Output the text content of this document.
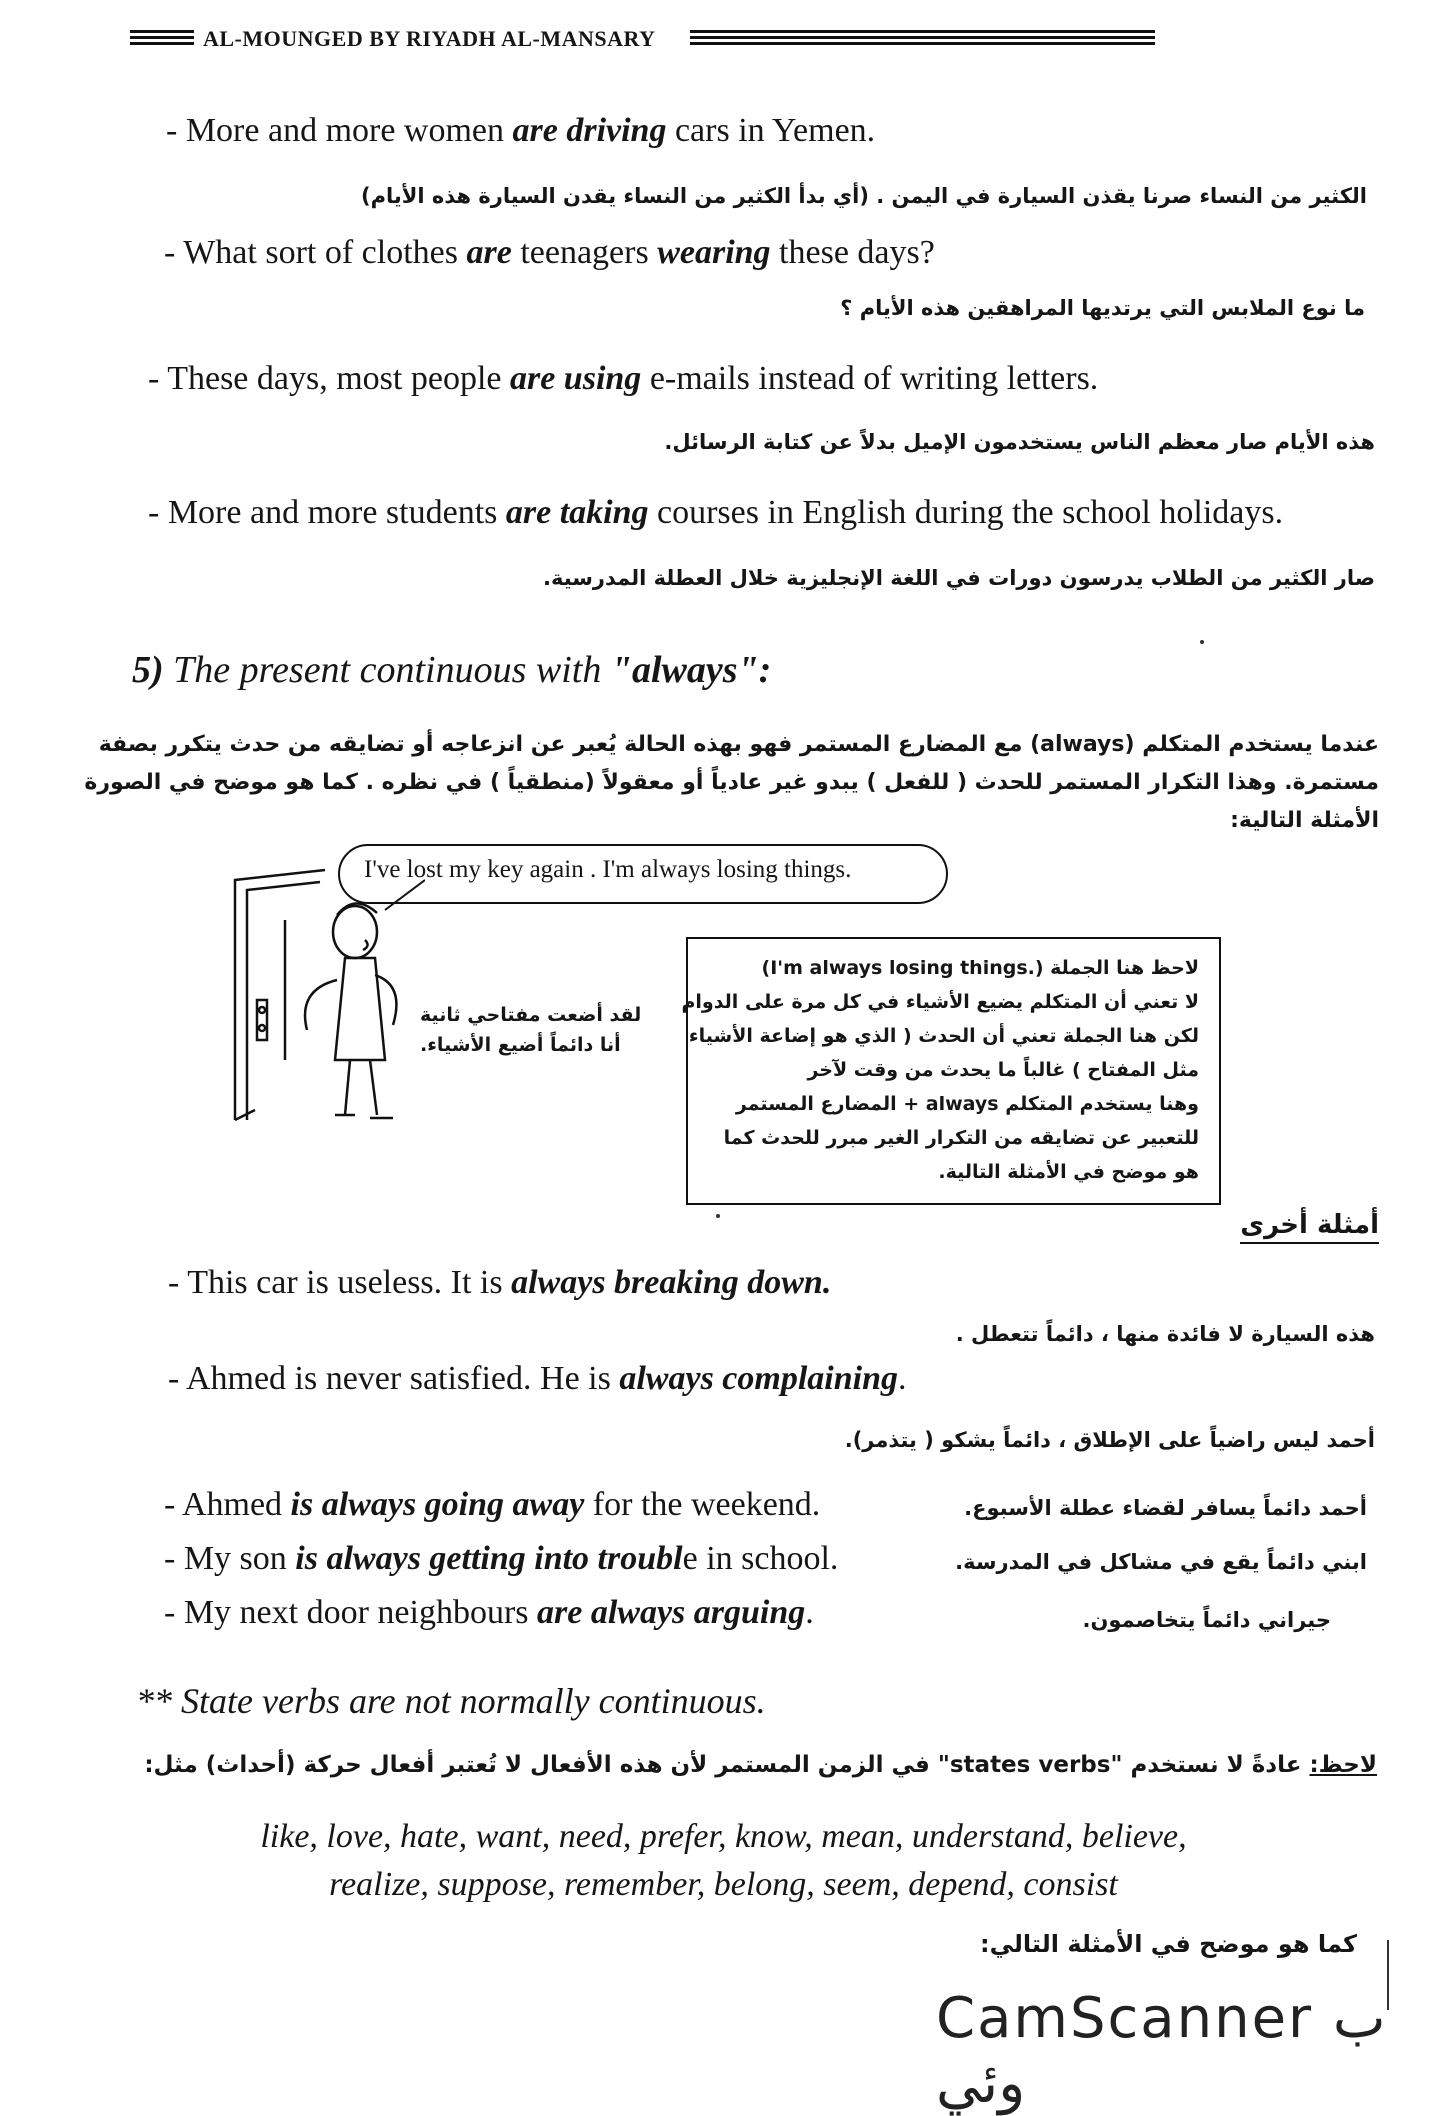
AL-MOUNGED BY RIYADH AL-MANSARY
- More and more women are driving cars in Yemen.
الكثير من النساء صرنا يقذن السيارة في اليمن . (أي بدأ الكثير من النساء يقدن السيارة هذه الأيام)
- What sort of clothes are teenagers wearing these days?
ما نوع الملابس التي يرتديها المراهقين هذه الأيام ؟
- These days, most people are using e-mails instead of writing letters.
هذه الأيام صار معظم الناس يستخدمون الإميل بدلاً عن كتابة الرسائل.
- More and more students are taking courses in English during the school holidays.
صار الكثير من الطلاب يدرسون دورات في اللغة الإنجليزية خلال العطلة المدرسية.
5) The present continuous with "always":
عندما يستخدم المتكلم (always) مع المضارع المستمر فهو بهذه الحالة يُعبر عن انزعاجه أو تضايقه من حدث يتكرر بصفة
مستمرة. وهذا التكرار المستمر للحدث ( للفعل ) يبدو غير عادياً أو معقولاً (منطقياً ) في نظره . كما هو موضح في الصورة
الأمثلة التالية:
I've lost my key again . I'm always losing things.
لقد أضعت مفتاحي ثانية
أنا دائماً أضيع الأشياء.
لاحظ هنا الجملة (.I'm always losing things)
لا تعني أن المتكلم يضيع الأشياء في كل مرة على الدوام
لكن هنا الجملة تعني أن الحدث ( الذي هو إضاعة الأشياء
مثل المفتاح ) غالباً ما يحدث من وقت لآخر
وهنا يستخدم المتكلم always + المضارع المستمر
للتعبير عن تضايقه من التكرار الغير مبرر للحدث كما
هو موضح في الأمثلة التالية.
أمثلة أخرى
- This car is useless. It is always breaking down.
هذه السيارة لا فائدة منها ، دائماً تتعطل .
- Ahmed is never satisfied. He is always complaining.
أحمد ليس راضياً على الإطلاق ، دائماً يشكو ( يتذمر).
- Ahmed is always going away for the weekend.	أحمد دائماً يسافر لقضاء عطلة الأسبوع.
- My son is always getting into trouble in school.	ابني دائماً يقع في مشاكل في المدرسة.
- My next door neighbours are always arguing.	جيراني دائماً يتخاصمون.
** State verbs are not normally continuous.
لاحظ: عادةً لا نستخدم "states verbs" في الزمن المستمر لأن هذه الأفعال لا تُعتبر أفعال حركة (أحداث) مثل:
like, love, hate, want, need, prefer, know, mean, understand, believe,
realize, suppose, remember, belong, seem, depend, consist
كما هو موضح في الأمثلة التالي:
CamScanner ب وئي
